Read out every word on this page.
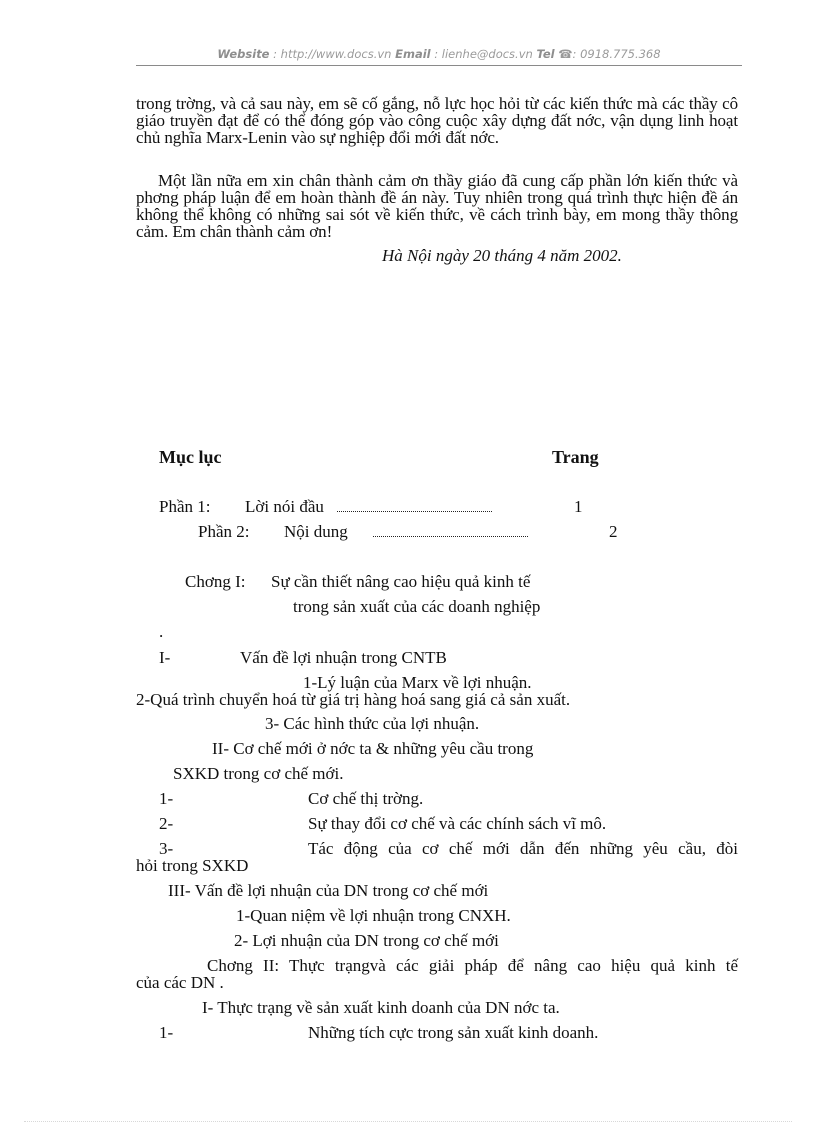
Website : http://www.docs.vn Email : lienhe@docs.vn Tel ☎: 0918.775.368

trong trờng, và cả sau này, em sẽ cố gắng, nỗ lực học hỏi từ các kiến thức mà các thầy cô giáo truyền đạt để có thể đóng góp vào công cuộc xây dựng đất nớc, vận dụng linh hoạt chủ nghĩa Marx-Lenin vào sự nghiệp đổi mới đất nớc.

Một lần nữa em xin chân thành cảm ơn thầy giáo đã cung cấp phần lớn kiến thức và phơng pháp luận để em hoàn thành đề án này. Tuy nhiên trong quá trình thực hiện đề án không thể không có những sai sót về kiến thức, về cách trình bày, em mong thầy thông cảm. Em chân thành cảm ơn!

Hà Nội ngày 20 tháng 4 năm 2002.

Mục lục	Trang

Phần 1: Lời nói đầu	1

Phần 2: Nội dung	2

Chơng I: Sự cần thiết nâng cao hiệu quả kinh tế

trong sản xuất của các doanh nghiệp

.

I-	Vấn đề lợi nhuận trong CNTB

1-Lý luận của Marx về lợi nhuận.

2-Quá trình chuyển hoá từ giá trị hàng hoá sang giá cả sản xuất.

3- Các hình thức của lợi nhuận.

II- Cơ chế mới ở nớc ta & những yêu cầu trong

SXKD trong cơ chế mới.

1-	Cơ chế thị trờng.

2-	Sự thay đổi cơ chế và các chính sách vĩ mô.

3-	Tác động của cơ chế mới dẫn đến những yêu cầu, đòi

hỏi trong SXKD

III- Vấn đề lợi nhuận của DN trong cơ chế mới

1-Quan niệm về lợi nhuận trong CNXH.

2- Lợi nhuận của DN trong cơ chế mới

Chơng II: Thực trạngvà các giải pháp để nâng cao hiệu quả kinh tế

của các DN .

I- Thực trạng về sản xuất kinh doanh của DN nớc ta.

1-	Những tích cực trong sản xuất kinh doanh.
